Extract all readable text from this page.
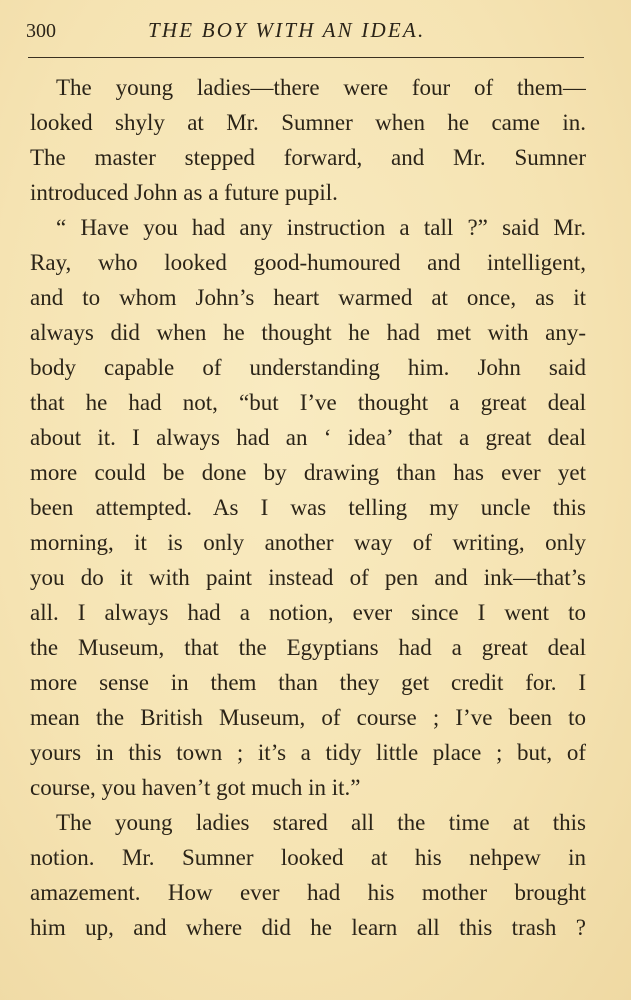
300	THE BOY WITH AN IDEA.
The young ladies—there were four of them—
looked shyly at Mr. Sumner when he came in.
The master stepped forward, and Mr. Sumner
introduced John as a future pupil.
“ Have you had any instruction a tall ?” said Mr.
Ray, who looked good-humoured and intelligent,
and to whom John’s heart warmed at once, as it
always did when he thought he had met with any-
body capable of understanding him. John said
that he had not, “but I’ve thought a great deal
about it. I always had an ‘ idea’ that a great deal
more could be done by drawing than has ever yet
been attempted. As I was telling my uncle this
morning, it is only another way of writing, only
you do it with paint instead of pen and ink—that’s
all. I always had a notion, ever since I went to
the Museum, that the Egyptians had a great deal
more sense in them than they get credit for. I
mean the British Museum, of course ; I’ve been to
yours in this town ; it’s a tidy little place ; but, of
course, you haven’t got much in it.”
The young ladies stared all the time at this
notion. Mr. Sumner looked at his nehpew in
amazement. How ever had his mother brought
him up, and where did he learn all this trash ?
